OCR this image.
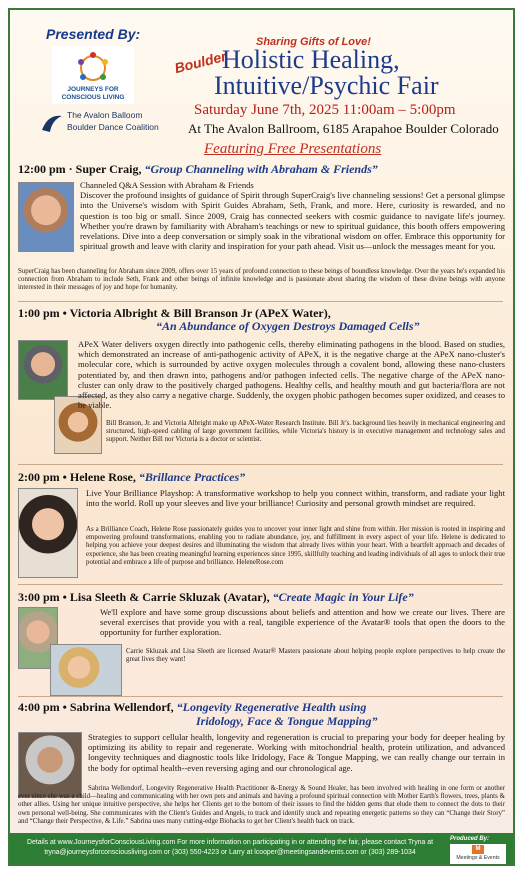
Presented By:
JOURNEYS FOR CONSCIOUS LIVING
The Avalon Balloom
Boulder Dance Coalition
Sharing Gifts of Love!
Boulder
Holistic Healing,
Intuitive/Psychic Fair
Saturday June 7th, 2025 11:00am – 5:00pm
At The Avalon Ballroom, 6185 Arapahoe Boulder Colorado
Featuring Free Presentations
12:00 pm · Super Craig, “Group Channeling with Abraham & Friends”
Channeled Q&A Session with Abraham & Friends
Discover the profound insights of guidance of Spirit through SuperCraig's live channeling sessions! Get a personal glimpse into the Universe's wisdom with Spirit Guides Abraham, Seth, Frank, and more. Here, curiosity is rewarded, and no question is too big or small. Since 2009, Craig has connected seekers with cosmic guidance to navigate life's journey. Whether you're drawn by familiarity with Abraham's teachings or new to spiritual guidance, this booth offers empowering revelations. Dive into a deep conversation or simply soak in the vibrational wisdom on offer. Embrace this opportunity for spiritual growth and leave with clarity and inspiration for your path ahead. Visit us—unlock the messages meant for you.
SuperCraig has been channeling for Abraham since 2009, offers over 15 years of profound connection to these beings of boundless knowledge. Over the years he's expanded his connection from Abraham to include Seth, Frank and other beings of infinite knowledge and is passionate about sharing the wisdom of these divine beings with anyone interested in their messages of joy and hope for humanity.
1:00 pm • Victoria Albright & Bill Branson Jr (APeX Water),
“An Abundance of Oxygen Destroys Damaged Cells”
APeX Water delivers oxygen directly into pathogenic cells, thereby eliminating pathogens in the blood. Based on studies, which demonstrated an increase of anti-pathogenic activity of APeX, it is the negative charge at the APeX nano-cluster's molecular core, which is surrounded by active oxygen molecules through a covalent bond, allowing these nano-clusters potentiated by, and then drawn into, pathogens and/or pathogen infected cells. The negative charge of the APeX nano-cluster can only draw to the positively charged pathogens. Healthy cells, and healthy mouth and gut bacteria/flora are not affected, as they also carry a negative charge. Suddenly, the oxygen phobic pathogen becomes super oxidized, and ceases to be viable.
Bill Branson, Jr. and Victoria Albright make up APeX-Water Research Institute. Bill Jr's. background lies heavily in mechanical engineering and structured, high-speed cabling of large government facilities, while Victoria's history is in executive management and technology sales and support. Neither Bill nor Victoria is a doctor or scientist.
2:00 pm • Helene Rose, “Brillance Practices”
Live Your Brilliance Playshop: A transformative workshop to help you connect within, transform, and radiate your light into the world. Roll up your sleeves and live your brilliance! Curiosity and personal growth mindset are required.
As a Brilliance Coach, Helene Rose passionately guides you to uncover your inner light and shine from within. Her mission is rooted in inspiring and empowering profound transformations, enabling you to radiate abundance, joy, and fulfillment in every aspect of your life. Helene is dedicated to helping you achieve your deepest desires and illuminating the wisdom that already lives within your heart. With a heartfelt approach and decades of experience, she has been creating meaningful learning experiences since 1995, skillfully teaching and leading individuals of all ages to unlock their true potential and embrace a life of purpose and brilliance. HeleneRose.com
3:00 pm • Lisa Sleeth & Carrie Skluzak (Avatar), “Create Magic in Your Life”
We'll explore and have some group discussions about beliefs and attention and how we create our lives. There are several exercises that provide you with a real, tangible experience of the Avatar® tools that open the doors to the opportunity for further exploration.
Carrie Skluzak and Lisa Sleeth are licensed Avatar® Masters passionate about helping people explore perspectives to help create the great lives they want!
4:00 pm • Sabrina Wellendorf, “Longevity Regenerative Health using
Iridology, Face & Tongue Mapping”
Strategies to support cellular health, longevity and regeneration is crucial to preparing your body for deeper healing by optimizing its ability to repair and regenerate. Working with mitochondrial health, protein utilization, and advanced longevity techniques and diagnostic tools like Iridology, Face & Tongue Mapping, we can really change our terrain in the body for optimal health--even reversing aging and our chronological age.
Sabrina Wellendorf, Longevity Regenerative Health Practitioner &-Energy & Sound Healer, has been involved with healing in one form or another ever since she was a child—healing and communicating with her own pets and animals and having a profound spiritual connection with Mother Earth's flowers, trees, plants & other allies. Using her unique intuitive perspective, she helps her Clients get to the bottom of their issues to find the hidden gems that elude them to connect the dots to their own personal well-being. She communicates with the Client's Guides and Angels, to track and identify stuck and repeating energetic patterns so they can “Change their Story” and “Change their Perspective, & Life.” Sabrina uses many cutting-edge Biohacks to get her Client's health back on track.
Details at www.JourneysforConsciousLiving.com For more information on participating in or attending the fair, please contact Tryna at
tryna@journeysforconsciousliving.com or (303) 550-4223 or Larry at lcooper@meetingsandevents.com or (303) 289-1034
Produced By:
M
Meetings & Events
